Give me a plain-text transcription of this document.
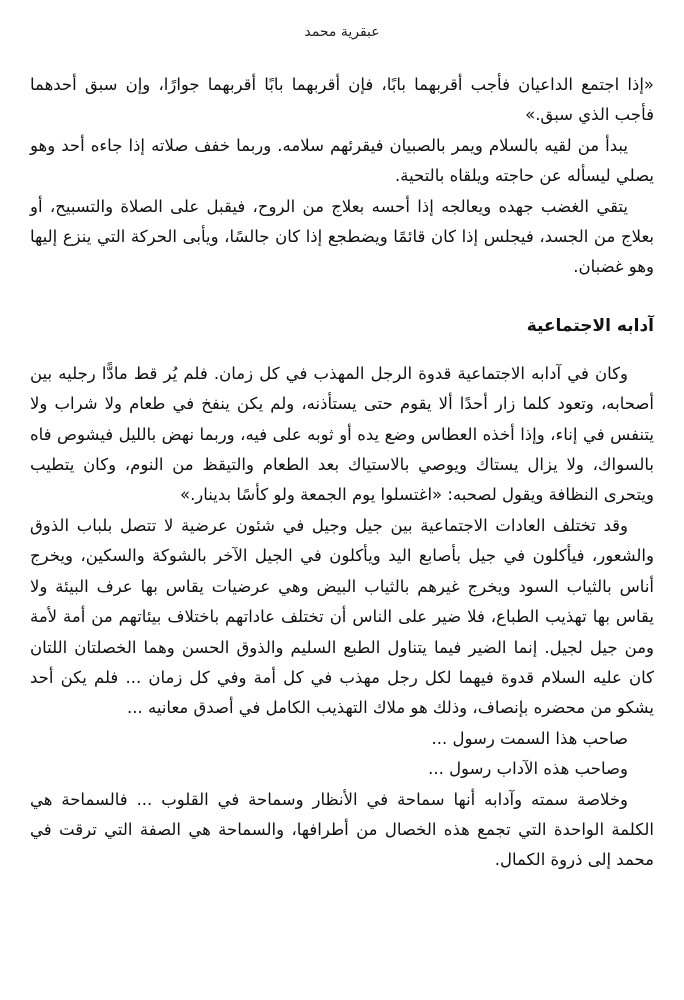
عبقرية محمد

«إذا اجتمع الداعيان فأجب أقربهما بابًا، فإن أقربهما بابًا أقربهما جوارًا، وإن سبق أحدهما فأجب الذي سبق.»

يبدأ من لقيه بالسلام ويمر بالصبيان فيقرئهم سلامه. وربما خفف صلاته إذا جاءه أحد وهو يصلي ليسأله عن حاجته ويلقاه بالتحية.

يتقي الغضب جهده ويعالجه إذا أحسه بعلاج من الروح، فيقبل على الصلاة والتسبيح، أو بعلاج من الجسد، فيجلس إذا كان قائمًا ويضطجع إذا كان جالسًا، ويأبى الحركة التي ينزع إليها وهو غضبان.

آدابه الاجتماعية

وكان في آدابه الاجتماعية قدوة الرجل المهذب في كل زمان. فلم يُر قط مادًّا رجليه بين أصحابه، وتعود كلما زار أحدًا ألا يقوم حتى يستأذنه، ولم يكن ينفخ في طعام ولا شراب ولا يتنفس في إناء، وإذا أخذه العطاس وضع يده أو ثوبه على فيه، وربما نهض بالليل فيشوص فاه بالسواك، ولا يزال يستاك ويوصي بالاستياك بعد الطعام والتيقظ من النوم، وكان يتطيب ويتحرى النظافة ويقول لصحبه: «اغتسلوا يوم الجمعة ولو كأسًا بدينار.»

وقد تختلف العادات الاجتماعية بين جيل وجيل في شئون عرضية لا تتصل بلباب الذوق والشعور، فيأكلون في جيل بأصابع اليد ويأكلون في الجيل الآخر بالشوكة والسكين، ويخرج أناس بالثياب السود ويخرج غيرهم بالثياب البيض وهي عرضيات يقاس بها عرف البيئة ولا يقاس بها تهذيب الطباع، فلا ضير على الناس أن تختلف عاداتهم باختلاف بيئاتهم من أمة لأمة ومن جيل لجيل. إنما الضير فيما يتناول الطبع السليم والذوق الحسن وهما الخصلتان اللتان كان عليه السلام قدوة فيهما لكل رجل مهذب في كل أمة وفي كل زمان ... فلم يكن أحد يشكو من محضره بإنصاف، وذلك هو ملاك التهذيب الكامل في أصدق معانيه ...

صاحب هذا السمت رسول ...

وصاحب هذه الآداب رسول ...

وخلاصة سمته وآدابه أنها سماحة في الأنظار وسماحة في القلوب ... فالسماحة هي الكلمة الواحدة التي تجمع هذه الخصال من أطرافها، والسماحة هي الصفة التي ترقت في محمد إلى ذروة الكمال.
